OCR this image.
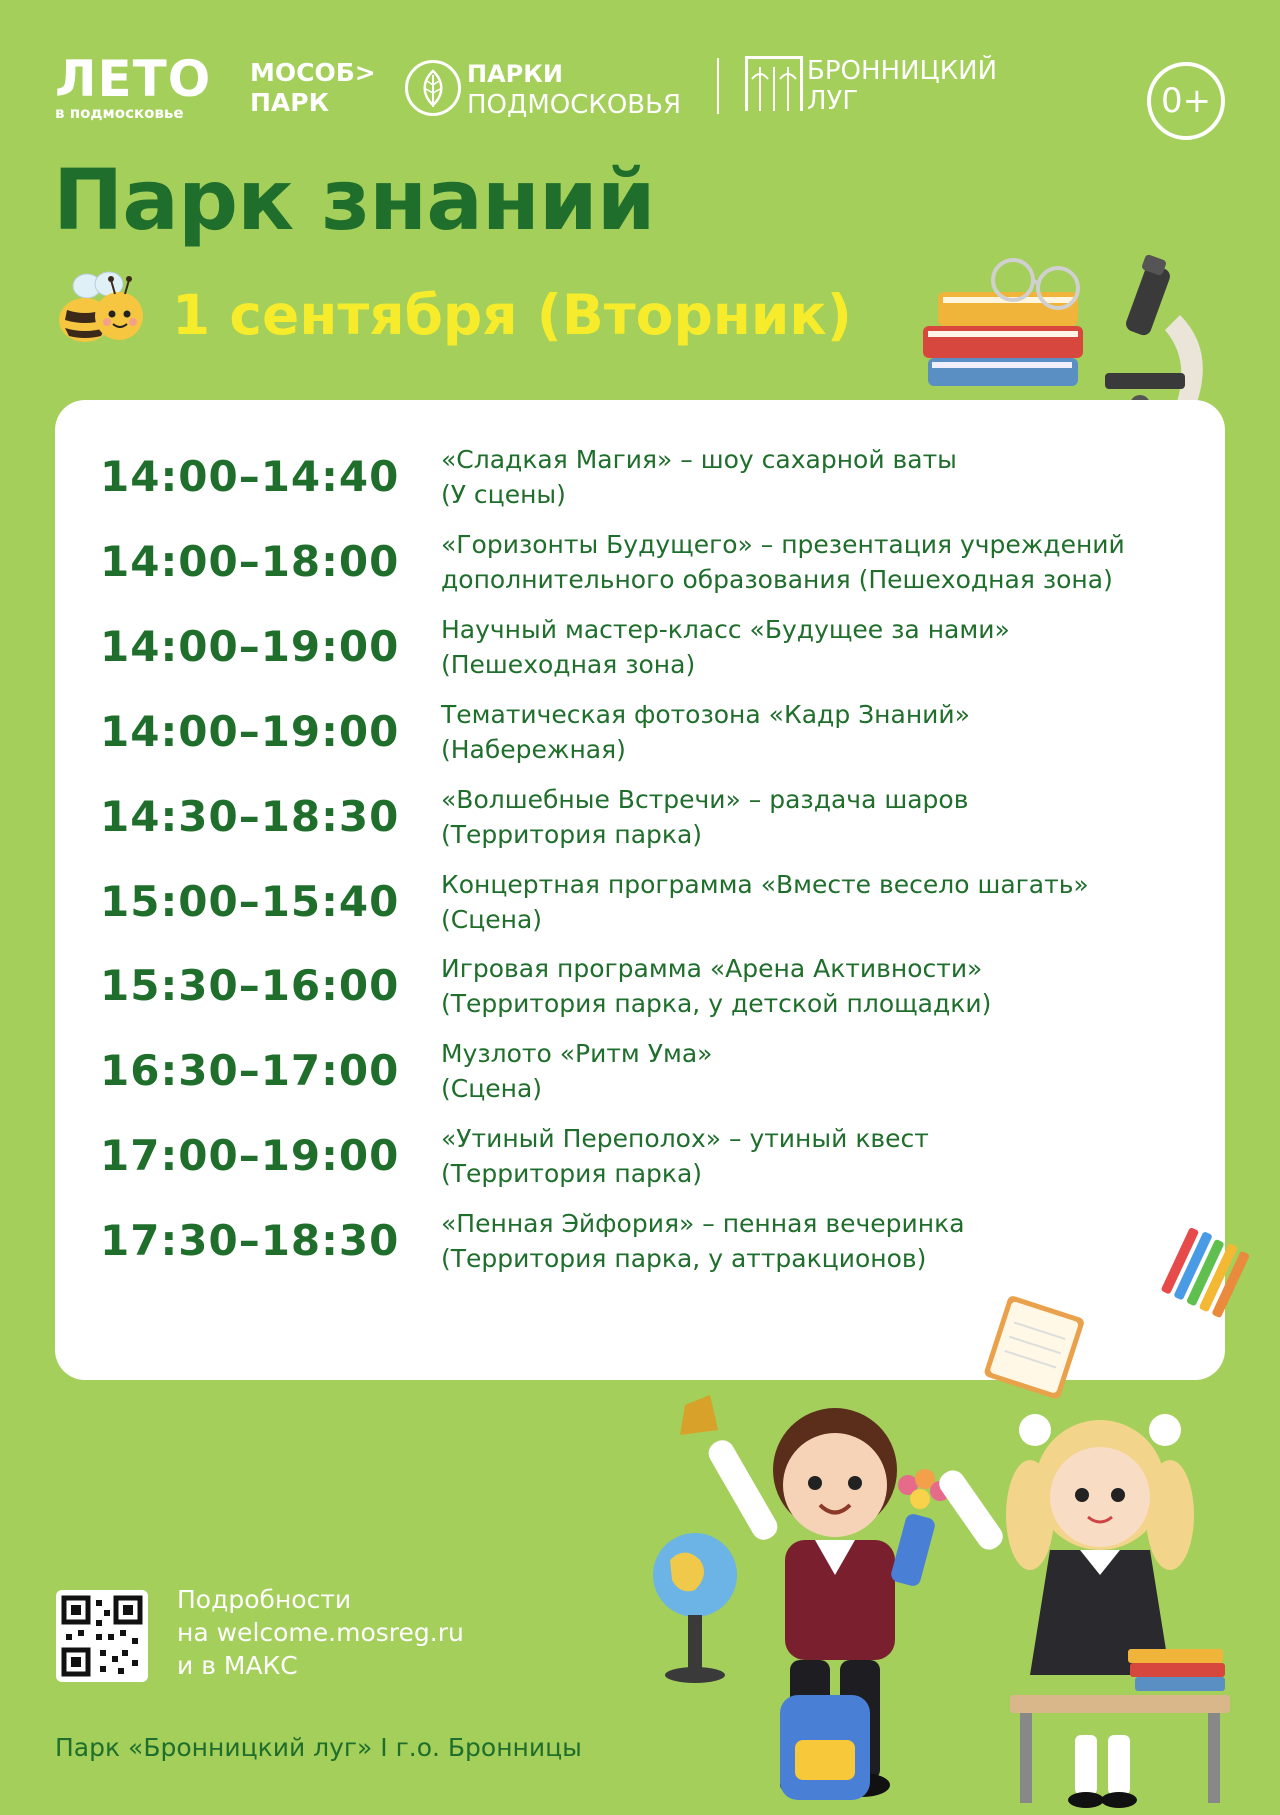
ЛЕТО
в подмосковье
МОСОБ>
ПАРК
ПАРКИ
ПОДМОСКОВЬЯ
БРОННИЦКИЙ
ЛУГ	0+
Парк знаний
1 сентября (Вторник)
14:00–14:40 «Сладкая Магия» – шоу сахарной ваты
(У сцены)
14:00–18:00 «Горизонты Будущего» – презентация учреждений дополнительного образования (Пешеходная зона)
14:00–19:00 Научный мастер-класс «Будущее за нами»
(Пешеходная зона)
14:00–19:00 Тематическая фотозона «Кадр Знаний»
(Набережная)
14:30–18:30 «Волшебные Встречи» – раздача шаров
(Территория парка)
15:00–15:40 Концертная программа «Вместе весело шагать»
(Сцена)
15:30–16:00 Игровая программа «Арена Активности»
(Территория парка, у детской площадки)
16:30–17:00 Музлото «Ритм Ума»
(Сцена)
17:00–19:00 «Утиный Переполох» – утиный квест
(Территория парка)
17:30–18:30 «Пенная Эйфория» – пенная вечеринка
(Территория парка, у аттракционов)
Подробности
на welcome.mosreg.ru
и в МАКС
Парк «Бронницкий луг» I г.о. Бронницы
